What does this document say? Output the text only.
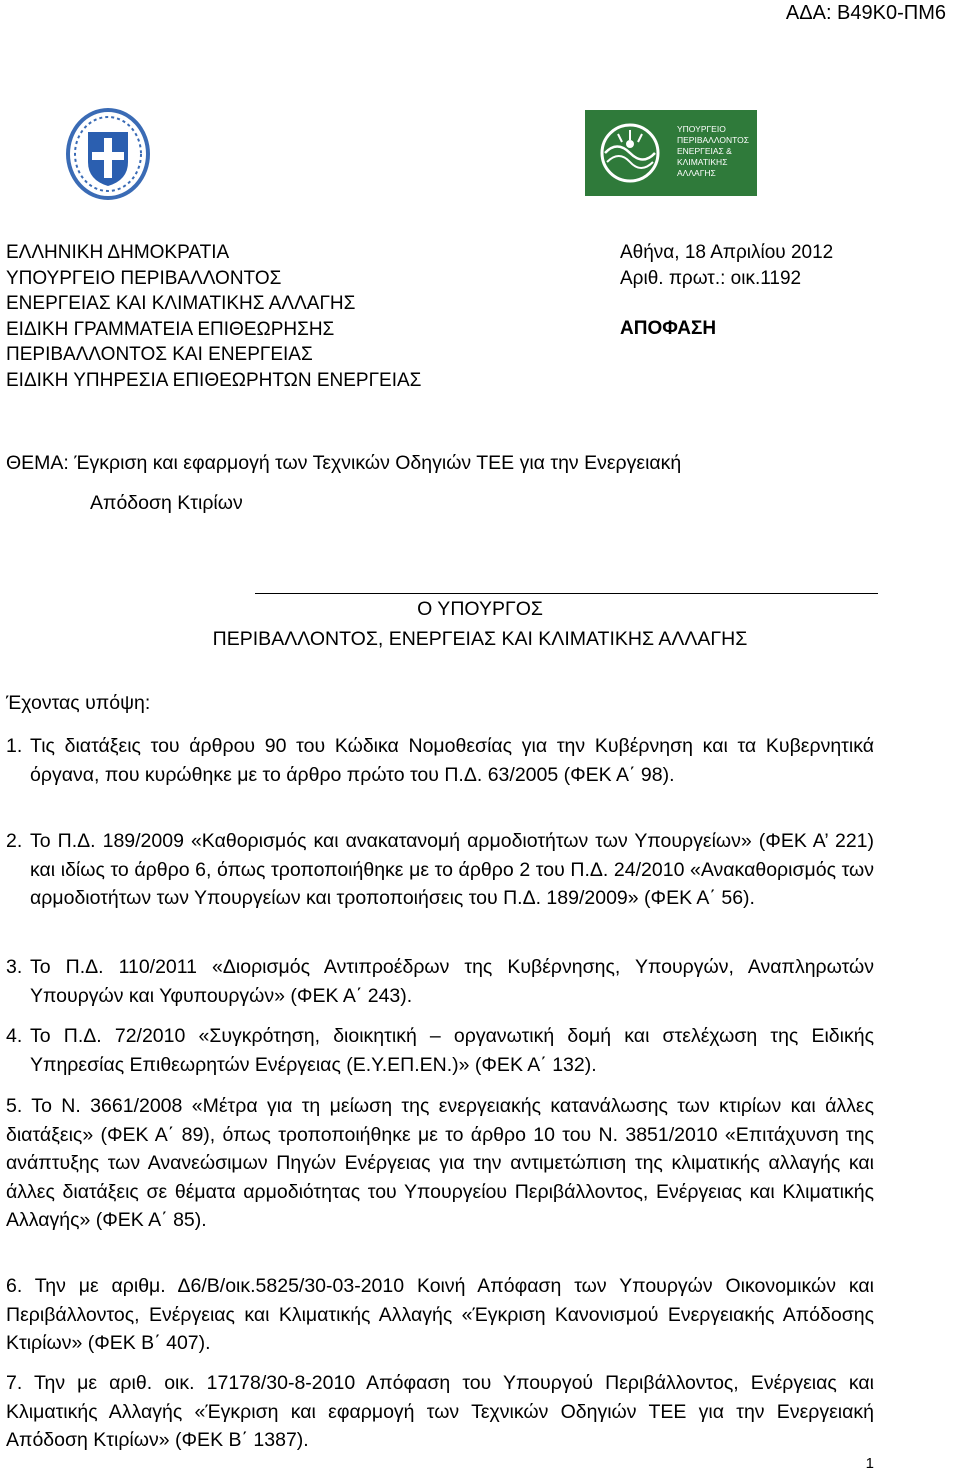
ΑΔΑ: Β49Κ0-ΠΜ6
ΥΠΟΥΡΓΕΙΟ
ΠΕΡΙΒΑΛΛΟΝΤΟΣ
ΕΝΕΡΓΕΙΑΣ &
ΚΛΙΜΑΤΙΚΗΣ
ΑΛΛΑΓΗΣ
ΕΛΛΗΝΙΚΗ ΔΗΜΟΚΡΑΤΙΑ
ΥΠΟΥΡΓΕΙΟ ΠΕΡΙΒΑΛΛΟΝΤΟΣ
ΕΝΕΡΓΕΙΑΣ ΚΑΙ ΚΛΙΜΑΤΙΚΗΣ ΑΛΛΑΓΗΣ
ΕΙΔΙΚΗ ΓΡΑΜΜΑΤΕΙΑ ΕΠΙΘΕΩΡΗΣΗΣ
ΠΕΡΙΒΑΛΛΟΝΤΟΣ ΚΑΙ ΕΝΕΡΓΕΙΑΣ
ΕΙΔΙΚΗ ΥΠΗΡΕΣΙΑ ΕΠΙΘΕΩΡΗΤΩΝ ΕΝΕΡΓΕΙΑΣ
Αθήνα, 18 Απριλίου 2012
Αριθ. πρωτ.: οικ.1192
ΑΠΟΦΑΣΗ
ΘΕΜΑ: Έγκριση και εφαρμογή των Τεχνικών Οδηγιών ΤΕΕ για την Ενεργειακή
Απόδοση Κτιρίων
Ο ΥΠΟΥΡΓΟΣ
ΠΕΡΙΒΑΛΛΟΝΤΟΣ, ΕΝΕΡΓΕΙΑΣ ΚΑΙ ΚΛΙΜΑΤΙΚΗΣ ΑΛΛΑΓΗΣ
Έχοντας υπόψη:
1. Τις διατάξεις του άρθρου 90 του Κώδικα Νομοθεσίας για την Κυβέρνηση και τα Κυβερνητικά όργανα, που κυρώθηκε με το άρθρο πρώτο του Π.Δ. 63/2005 (ΦΕΚ Α΄ 98).
2. Το Π.Δ. 189/2009 «Καθορισμός και ανακατανομή αρμοδιοτήτων των Υπουργείων» (ΦΕΚ Α’ 221) και ιδίως το άρθρο 6, όπως τροποποιήθηκε με το άρθρο 2 του Π.Δ. 24/2010 «Ανακαθορισμός των αρμοδιοτήτων των Υπουργείων και τροποποιήσεις του Π.Δ. 189/2009» (ΦΕΚ Α΄ 56).
3. Το Π.Δ. 110/2011 «Διορισμός Αντιπροέδρων της Κυβέρνησης, Υπουργών, Αναπληρωτών Υπουργών και Υφυπουργών» (ΦΕΚ Α΄ 243).
4. Το Π.Δ. 72/2010 «Συγκρότηση, διοικητική – οργανωτική δομή και στελέχωση της Ειδικής Υπηρεσίας Επιθεωρητών Ενέργειας (Ε.Υ.ΕΠ.ΕΝ.)» (ΦΕΚ Α΄ 132).
5. Το Ν. 3661/2008 «Μέτρα για τη μείωση της ενεργειακής κατανάλωσης των κτιρίων και άλλες διατάξεις» (ΦΕΚ Α΄ 89), όπως τροποποιήθηκε με το άρθρο 10 του Ν. 3851/2010 «Επιτάχυνση της ανάπτυξης των Ανανεώσιμων Πηγών Ενέργειας για την αντιμετώπιση της κλιματικής αλλαγής και άλλες διατάξεις σε θέματα αρμοδιότητας του Υπουργείου Περιβάλλοντος, Ενέργειας και Κλιματικής Αλλαγής» (ΦΕΚ Α΄ 85).
6. Την με αριθμ. Δ6/Β/οικ.5825/30-03-2010 Κοινή Απόφαση των Υπουργών Οικονομικών και Περιβάλλοντος, Ενέργειας και Κλιματικής Αλλαγής «Έγκριση Κανονισμού Ενεργειακής Απόδοσης Κτιρίων» (ΦΕΚ Β΄ 407).
7. Την με αριθ. οικ. 17178/30-8-2010 Απόφαση του Υπουργού Περιβάλλοντος, Ενέργειας και Κλιματικής Αλλαγής «Έγκριση και εφαρμογή των Τεχνικών Οδηγιών ΤΕΕ για την Ενεργειακή Απόδοση Κτιρίων» (ΦΕΚ Β΄ 1387).
1
